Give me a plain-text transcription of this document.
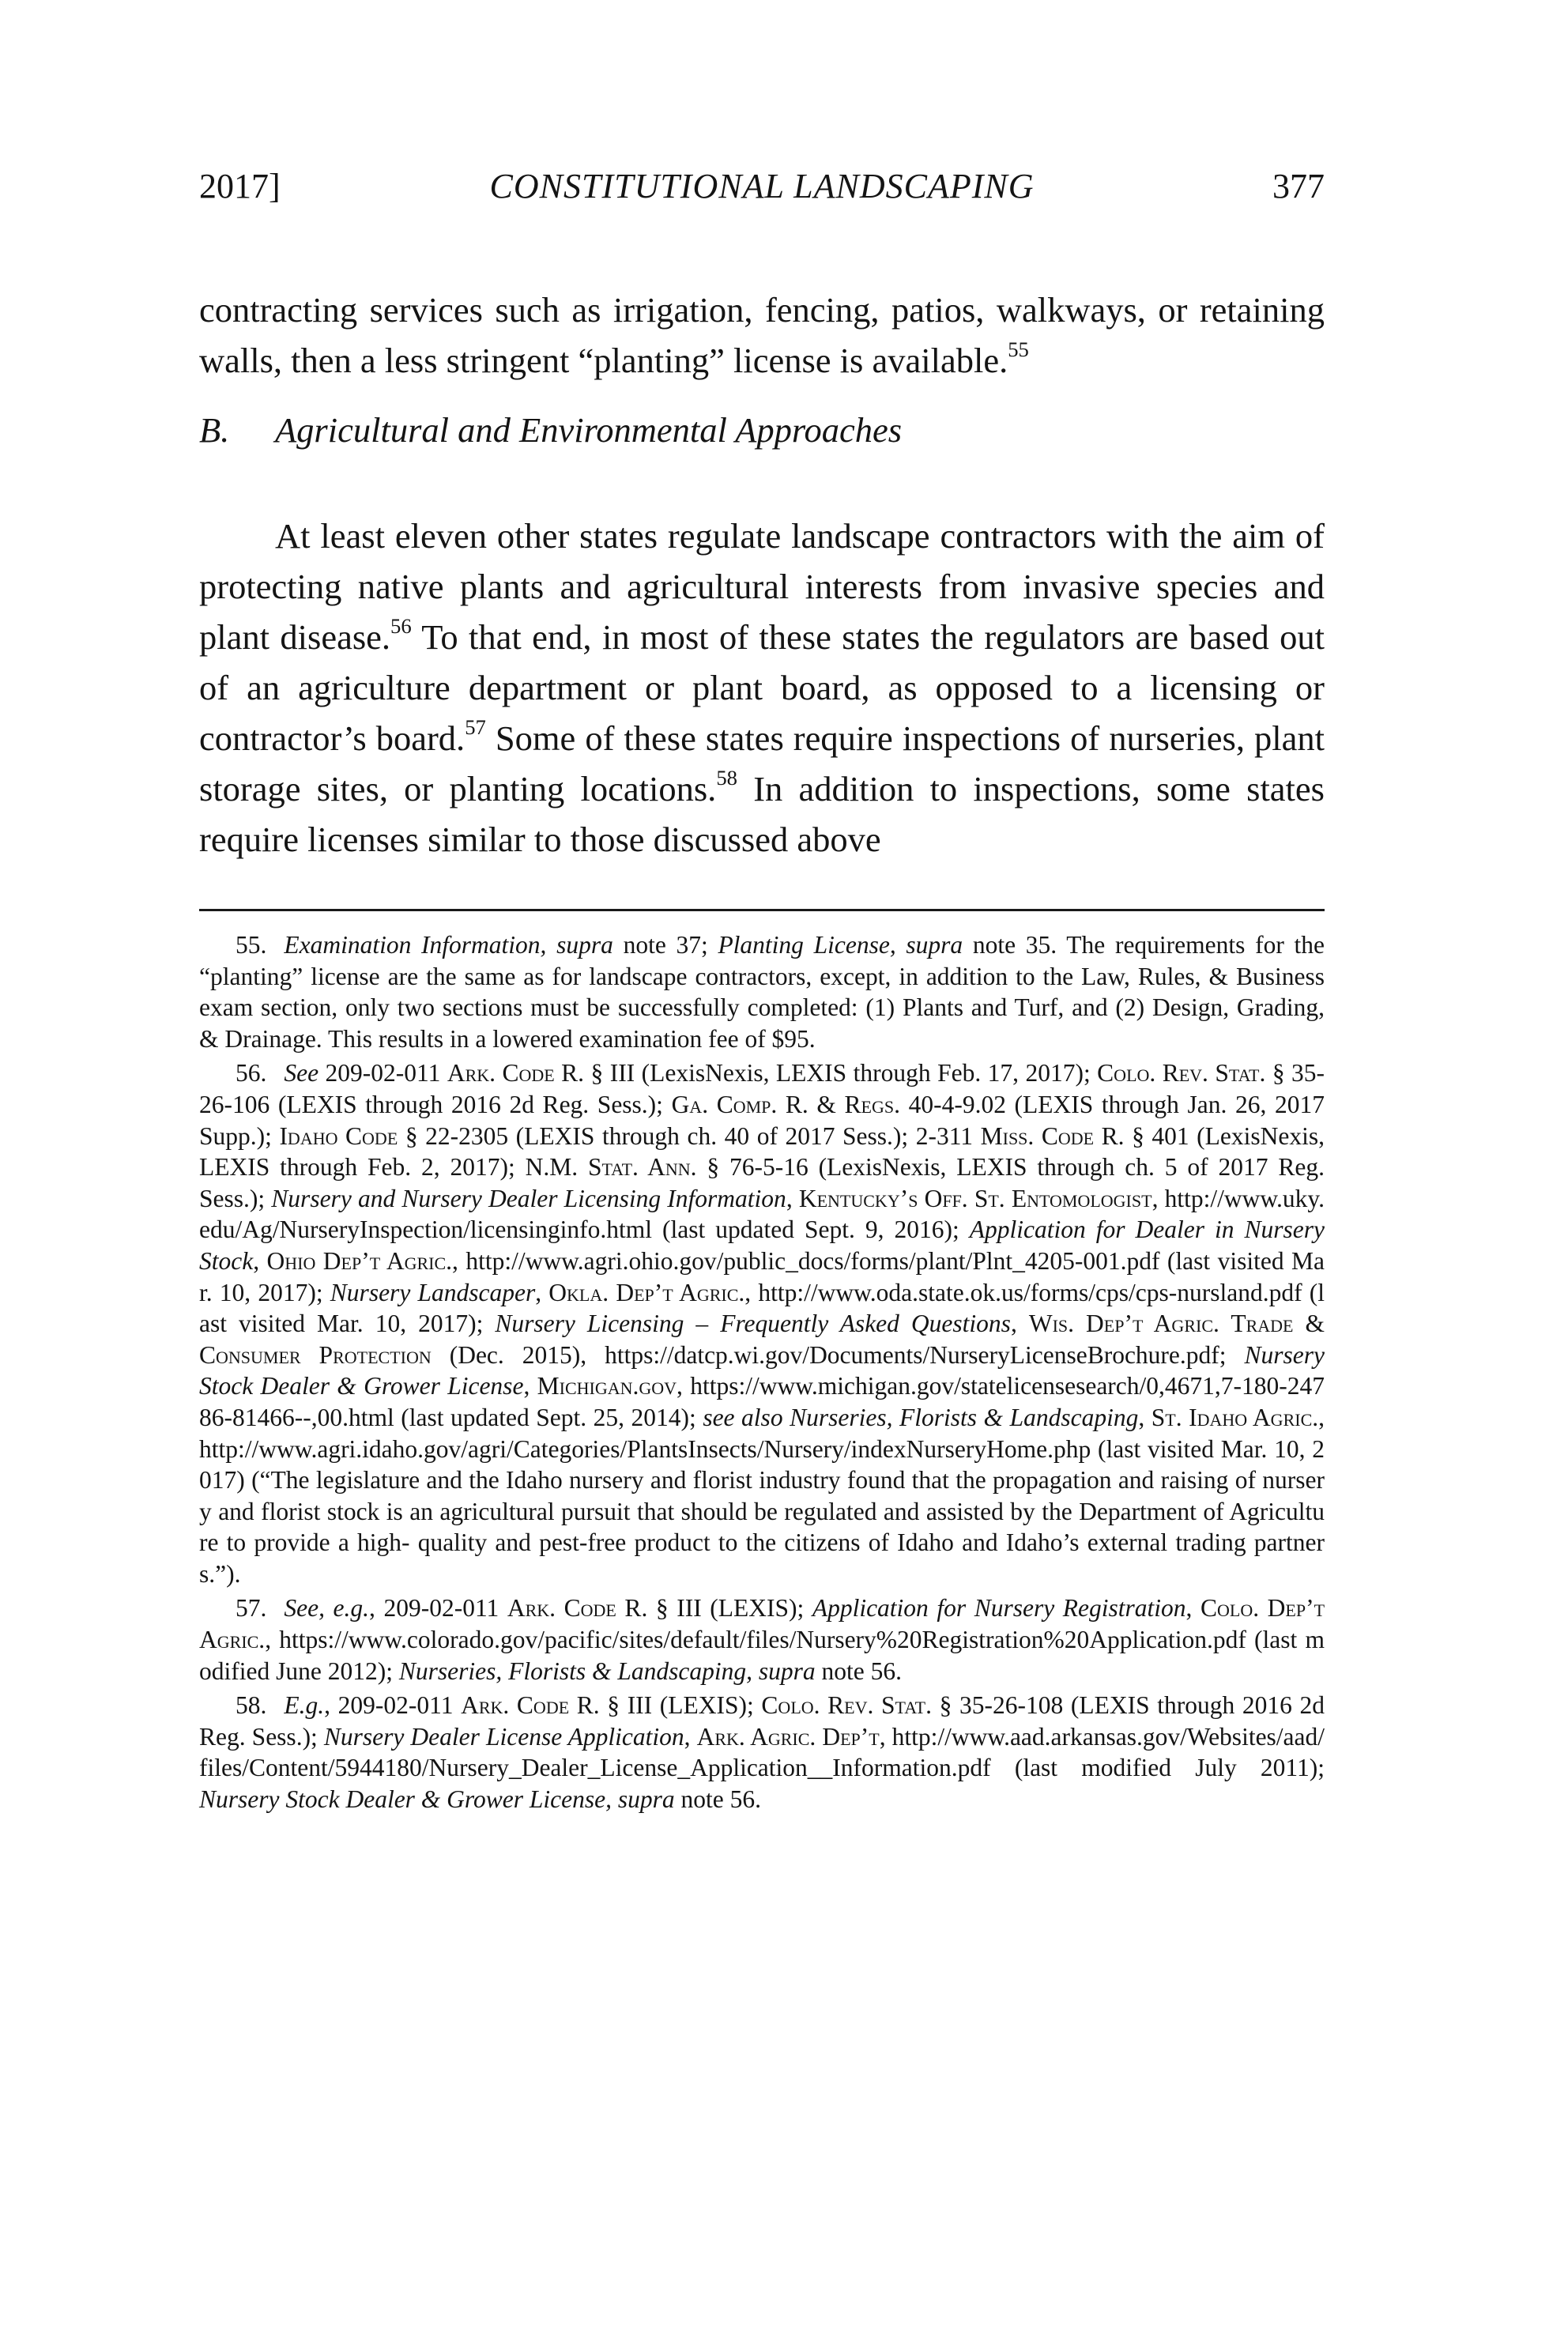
2017]	CONSTITUTIONAL LANDSCAPING	377

contracting services such as irrigation, fencing, patios, walkways, or retaining walls, then a less stringent “planting” license is available.$^{55}$

B. Agricultural and Environmental Approaches

At least eleven other states regulate landscape contractors with the aim of protecting native plants and agricultural interests from invasive species and plant disease.$^{56}$ To that end, in most of these states the regulators are based out of an agriculture department or plant board, as opposed to a licensing or contractor’s board.$^{57}$ Some of these states require inspections of nurseries, plant storage sites, or planting locations.$^{58}$ In addition to inspections, some states require licenses similar to those discussed above

55. Examination Information, supra note 37; Planting License, supra note 35. The requirements for the “planting” license are the same as for landscape contractors, except, in addition to the Law, Rules, & Business exam section, only two sections must be successfully completed: (1) Plants and Turf, and (2) Design, Grading, & Drainage. This results in a lowered examination fee of $95.

56. See 209-02-011 Ark. Code R. § III (LexisNexis, LEXIS through Feb. 17, 2017); Colo. Rev. Stat. § 35-26-106 (LEXIS through 2016 2d Reg. Sess.); Ga. Comp. R. & Regs. 40-4-9.02 (LEXIS through Jan. 26, 2017 Supp.); Idaho Code § 22-2305 (LEXIS through ch. 40 of 2017 Sess.); 2-311 Miss. Code R. § 401 (LexisNexis, LEXIS through Feb. 2, 2017); N.M. Stat. Ann. § 76-5-16 (LexisNexis, LEXIS through ch. 5 of 2017 Reg. Sess.); Nursery and Nursery Dealer Licensing Information, Kentucky’s Off. St. Entomologist, http://www.uky.edu/Ag/NurseryInspection/licensinginfo.html (last updated Sept. 9, 2016); Application for Dealer in Nursery Stock, Ohio Dep’t Agric., http://www.agri.ohio.gov/public_docs/forms/plant/Plnt_4205-001.pdf (last visited Mar. 10, 2017); Nursery Landscaper, Okla. Dep’t Agric., http://www.oda.state.ok.us/forms/cps/cps-nursland.pdf (last visited Mar. 10, 2017); Nursery Licensing – Frequently Asked Questions, Wis. Dep’t Agric. Trade & Consumer Protection (Dec. 2015), https://datcp.wi.gov/Documents/NurseryLicenseBrochure.pdf; Nursery Stock Dealer & Grower License, Michigan.gov, https://www.michigan.gov/statelicensesearch/0,4671,7-180-24786-81466--,00.html (last updated Sept. 25, 2014); see also Nurseries, Florists & Landscaping, St. Idaho Agric., http://www.agri.idaho.gov/agri/Categories/PlantsInsects/Nursery/indexNurseryHome.php (last visited Mar. 10, 2017) (“The legislature and the Idaho nursery and florist industry found that the propagation and raising of nursery and florist stock is an agricultural pursuit that should be regulated and assisted by the Department of Agriculture to provide a high- quality and pest-free product to the citizens of Idaho and Idaho’s external trading partners.”).

57. See, e.g., 209-02-011 Ark. Code R. § III (LEXIS); Application for Nursery Registration, Colo. Dep’t Agric., https://www.colorado.gov/pacific/sites/default/files/Nursery%20Registration%20Application.pdf (last modified June 2012); Nurseries, Florists & Landscaping, supra note 56.

58. E.g., 209-02-011 Ark. Code R. § III (LEXIS); Colo. Rev. Stat. § 35-26-108 (LEXIS through 2016 2d Reg. Sess.); Nursery Dealer License Application, Ark. Agric. Dep’t, http://www.aad.arkansas.gov/Websites/aad/files/Content/5944180/Nursery_Dealer_License_Application__Information.pdf (last modified July 2011); Nursery Stock Dealer & Grower License, supra note 56.
